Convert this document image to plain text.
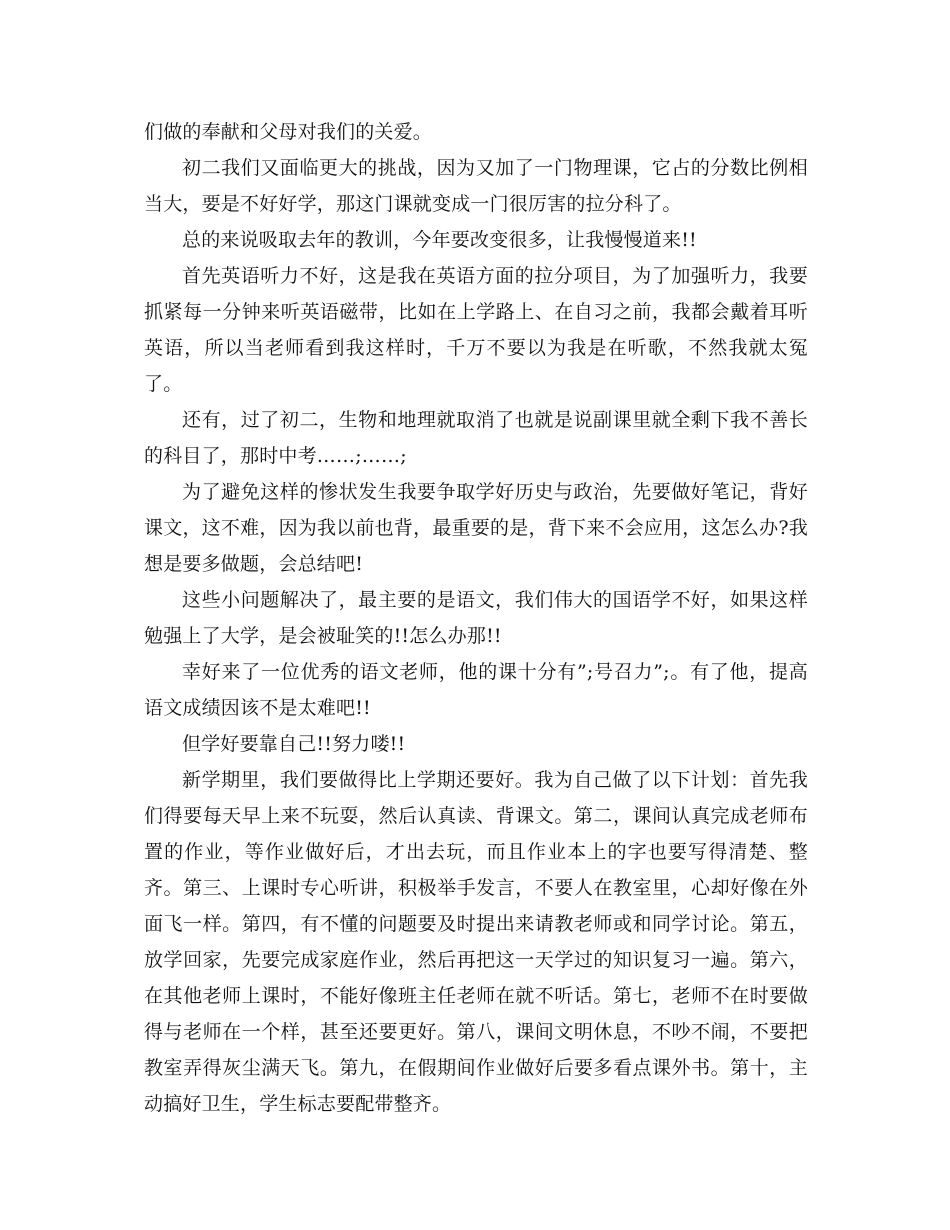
们做的奉献和父母对我们的关爱。

初二我们又面临更大的挑战，因为又加了一门物理课，它占的分数比例相当大，要是不好好学，那这门课就变成一门很厉害的拉分科了。

总的来说吸取去年的教训，今年要改变很多，让我慢慢道来!!

首先英语听力不好，这是我在英语方面的拉分项目，为了加强听力，我要抓紧每一分钟来听英语磁带，比如在上学路上、在自习之前，我都会戴着耳听英语，所以当老师看到我这样时，千万不要以为我是在听歌，不然我就太冤了。

还有，过了初二，生物和地理就取消了也就是说副课里就全剩下我不善长的科目了，那时中考……;……;

为了避免这样的惨状发生我要争取学好历史与政治，先要做好笔记，背好课文，这不难，因为我以前也背，最重要的是，背下来不会应用，这怎么办?我想是要多做题，会总结吧!

这些小问题解决了，最主要的是语文，我们伟大的国语学不好，如果这样勉强上了大学，是会被耻笑的!!怎么办那!!

幸好来了一位优秀的语文老师，他的课十分有”;号召力”;。有了他，提高语文成绩因该不是太难吧!!

但学好要靠自己!!努力喽!!

新学期里，我们要做得比上学期还要好。我为自己做了以下计划：首先我们得要每天早上来不玩耍，然后认真读、背课文。第二，课间认真完成老师布置的作业，等作业做好后，才出去玩，而且作业本上的字也要写得清楚、整齐。第三、上课时专心听讲，积极举手发言，不要人在教室里，心却好像在外面飞一样。第四，有不懂的问题要及时提出来请教老师或和同学讨论。第五，放学回家，先要完成家庭作业，然后再把这一天学过的知识复习一遍。第六，在其他老师上课时，不能好像班主任老师在就不听话。第七，老师不在时要做得与老师在一个样，甚至还要更好。第八，课间文明休息，不吵不闹，不要把教室弄得灰尘满天飞。第九，在假期间作业做好后要多看点课外书。第十，主动搞好卫生，学生标志要配带整齐。
